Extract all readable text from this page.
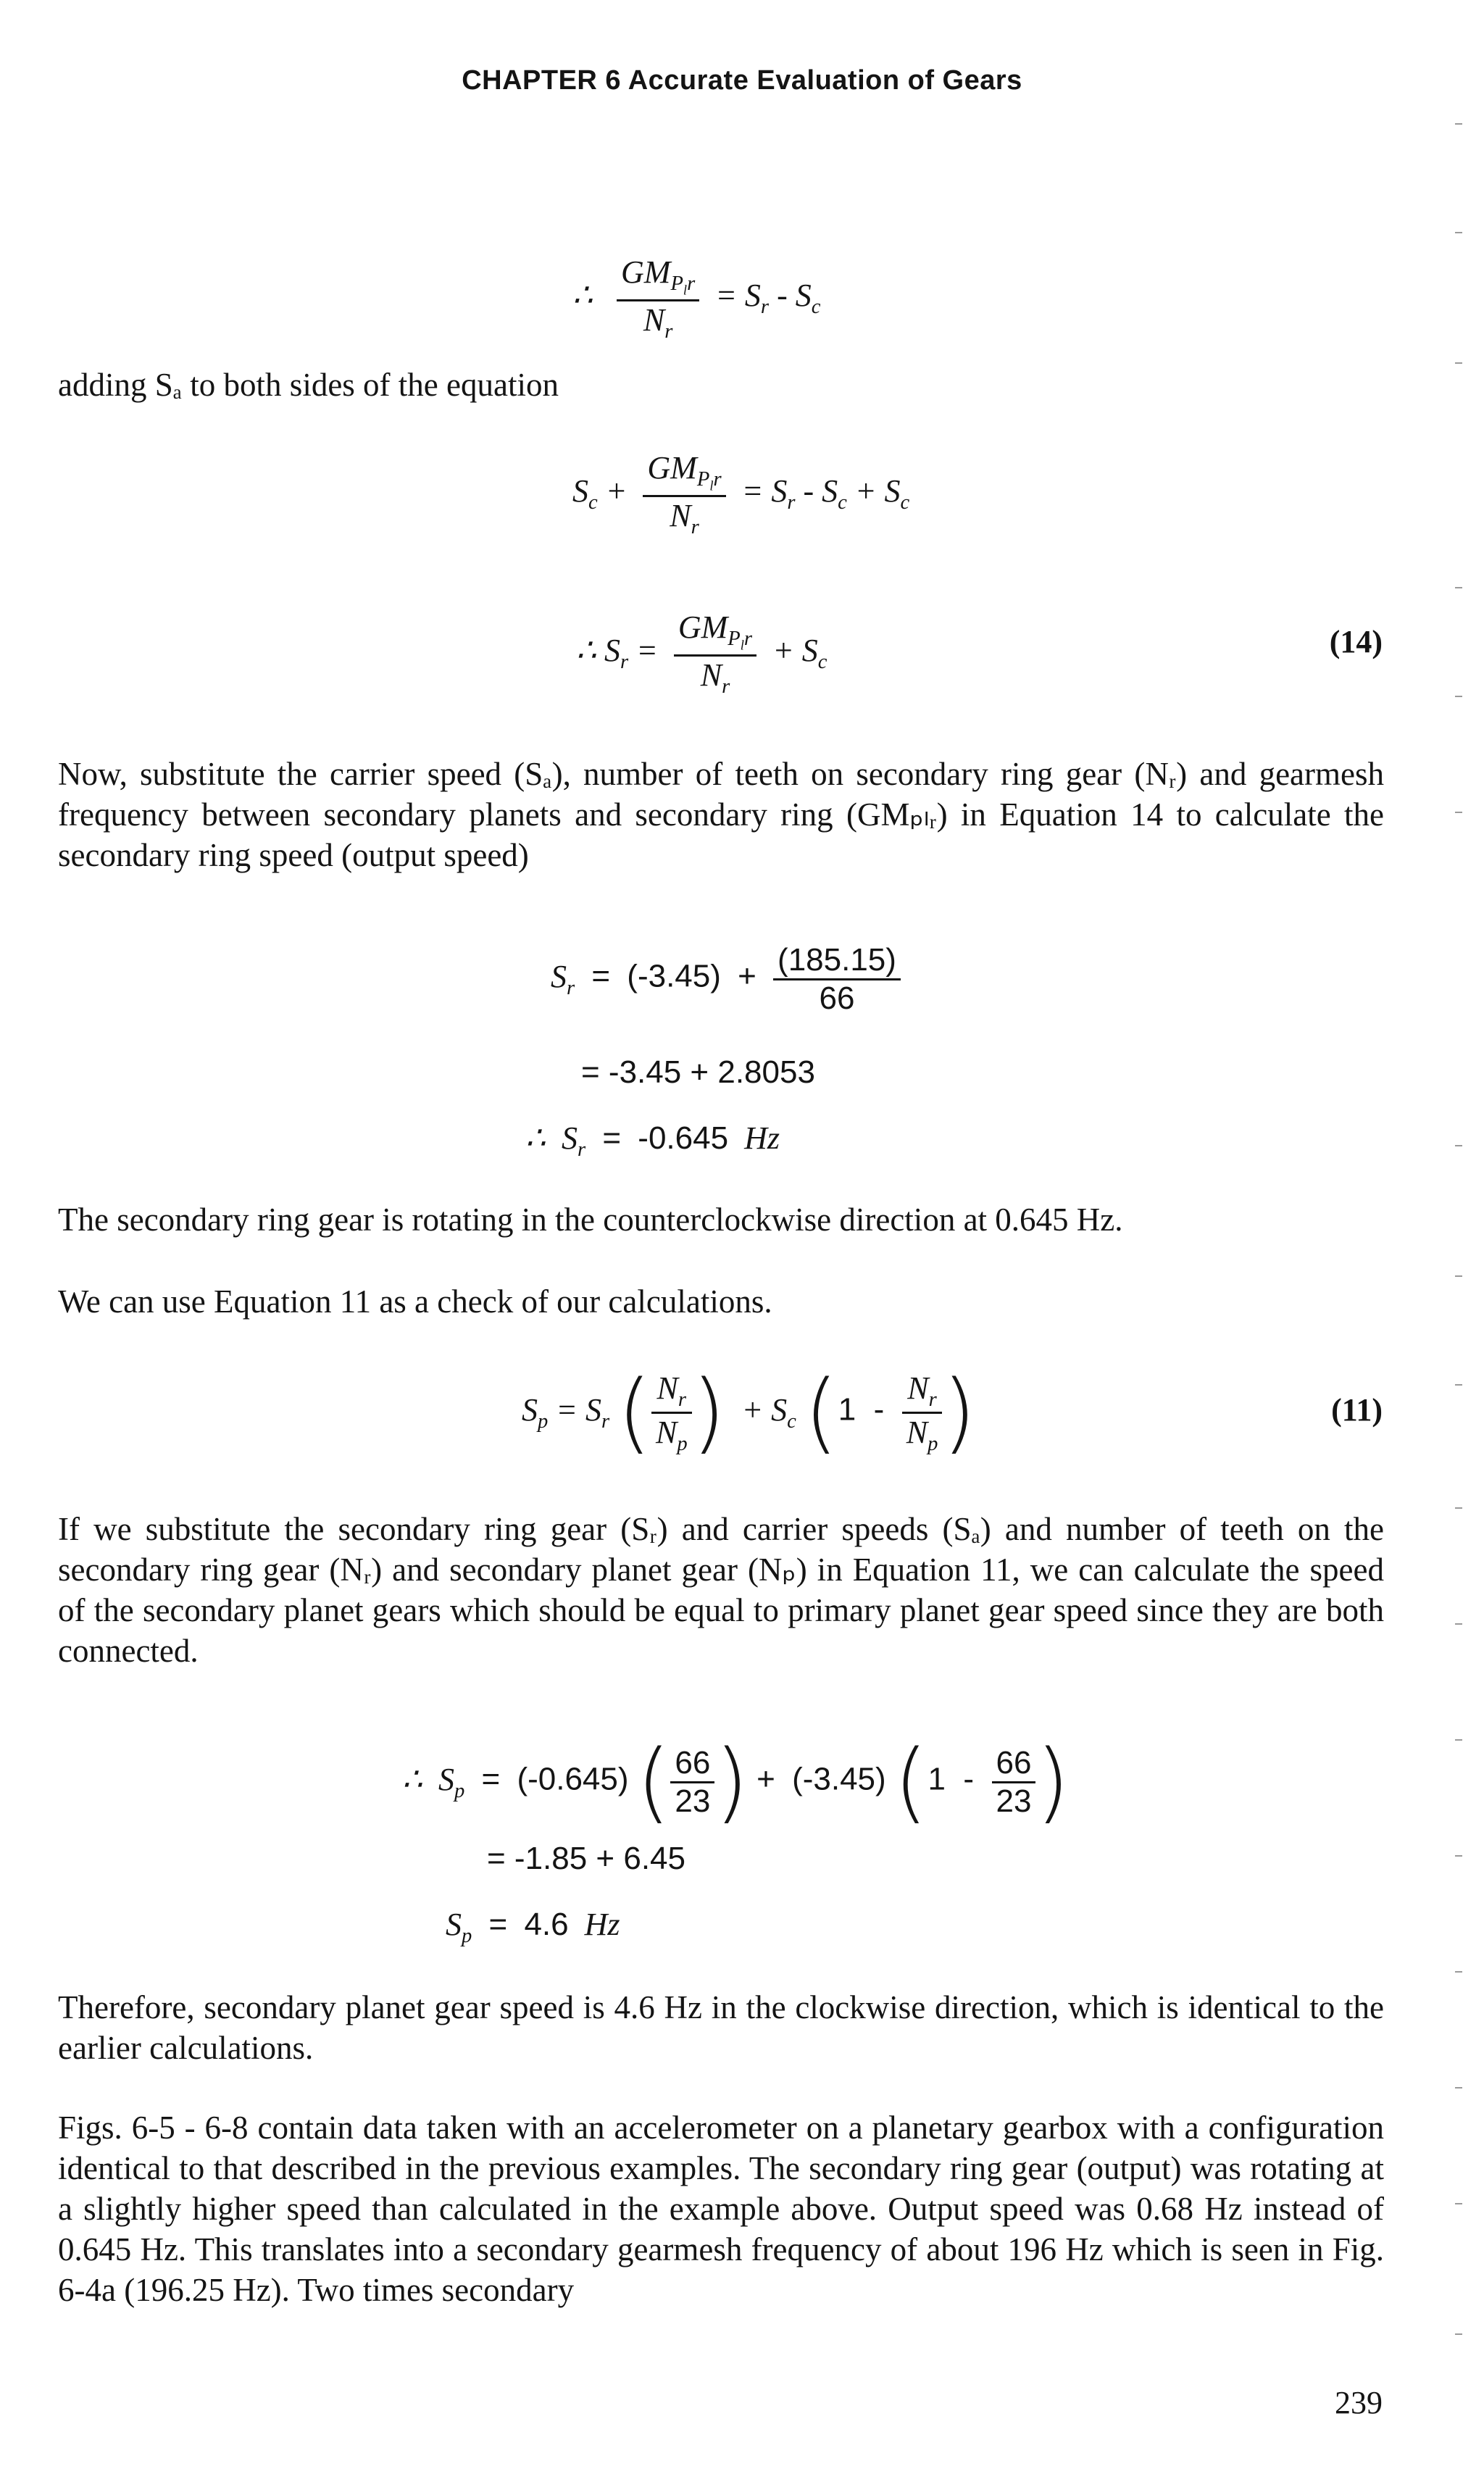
CHAPTER 6 Accurate Evaluation of Gears
∴ $\frac{GM_{P_lr}}{N_r} = S_r - S_c$
adding Sₐ to both sides of the equation
$S_c + \frac{GM_{P_lr}}{N_r} = S_r - S_c + S_c$
∴ $S_r = \frac{GM_{P_lr}}{N_r} + S_c$
(14)
Now, substitute the carrier speed (Sₐ), number of teeth on secondary ring gear (Nᵣ) and gearmesh frequency between secondary planets and secondary ring (GMₚₗᵣ) in Equation 14 to calculate the secondary ring speed (output speed)
$S_r = (-3.45) + \frac{(185.15)}{66}$
= -3.45 + 2.8053
∴  $S_r = -0.645$  Hz
The secondary ring gear is rotating in the counterclockwise direction at 0.645 Hz.
We can use Equation 11 as a check of our calculations.
$S_p = S_r$ ( $\frac{N_r}{N_p}$ )  + $S_c$ ($1 - \frac{N_r}{N_p}$ )	(11)
If we substitute the secondary ring gear (Sᵣ) and carrier speeds (Sₐ) and number of teeth on the secondary ring gear (Nᵣ) and secondary planet gear (Nₚ) in Equation 11, we can calculate the speed of the secondary planet gears which should be equal to primary planet gear speed since they are both connected.
∴  $S_p = (-0.645)$ ( $\frac{66}{23}$ ) +  (-3.45) ($1 - \frac{66}{23}$ )
= -1.85 + 6.45
$S_p = 4.6$  Hz
Therefore, secondary planet gear speed is 4.6 Hz in the clockwise direction, which is identical to the earlier calculations.
Figs. 6-5 - 6-8 contain data taken with an accelerometer on a planetary gearbox with a configuration identical to that described in the previous examples. The secondary ring gear (output) was rotating at a slightly higher speed than calculated in the example above. Output speed was 0.68 Hz instead of 0.645 Hz. This translates into a secondary gearmesh frequency of about 196 Hz which is seen in Fig. 6-4a (196.25 Hz). Two times secondary
239
